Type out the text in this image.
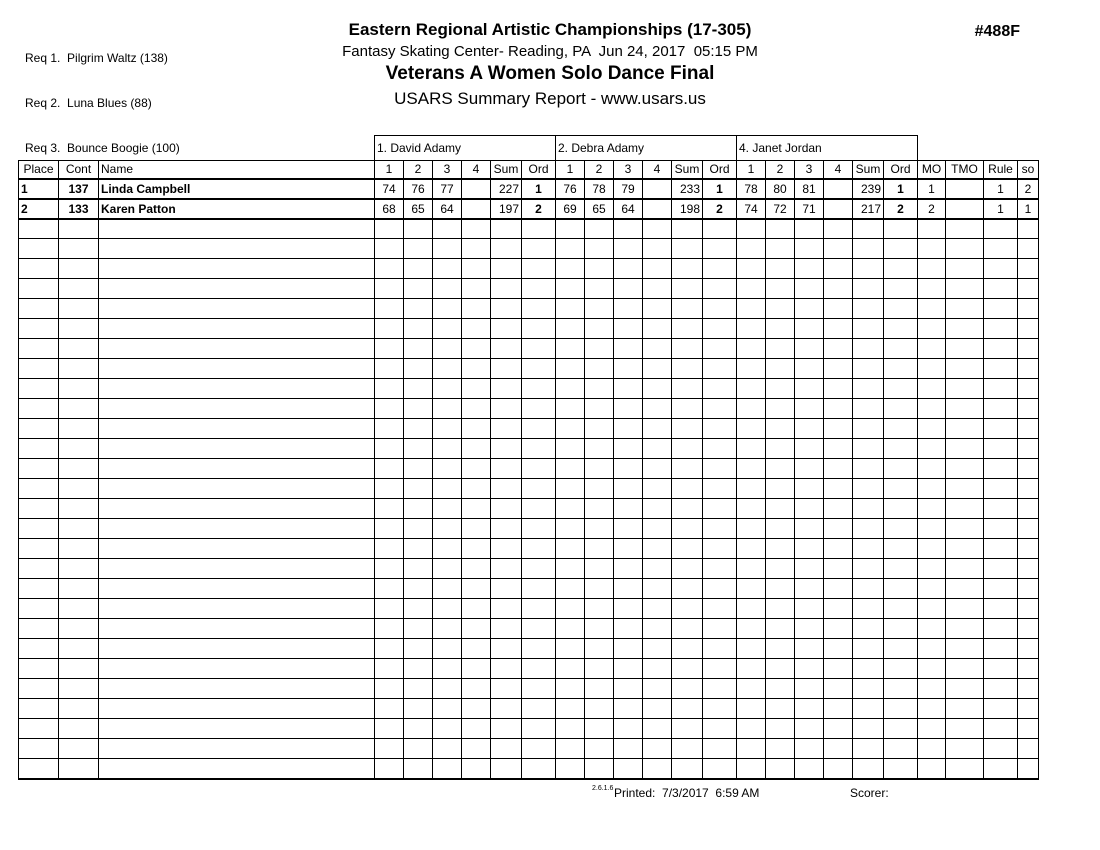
Req 1.  Pilgrim Waltz (138)

Req 2.  Luna Blues (88)

Req 3.  Bounce Boogie (100)

Eastern Regional Artistic Championships (17-305)
Fantasy Skating Center- Reading, PA  Jun 24, 2017  05:15 PM
Veterans A Women Solo Dance Final
USARS Summary Report - www.usars.us
#488F
			1. David Adamy						2. Debra Adamy						4. Janet Jordan									
Place	Cont	Name	1	2	3	4	Sum	Ord	1	2	3	4	Sum	Ord	1	2	3	4	Sum	Ord	MO	TMO	Rule	so
1	137	Linda Campbell	74	76	77		227	1	76	78	79		233	1	78	80	81		239	1	1		1	2
2	133	Karen Patton	68	65	64		197	2	69	65	64		198	2	74	72	71		217	2	2		1	1

2.6.1.6 Printed:  7/3/2017  6:59 AM	Scorer:
